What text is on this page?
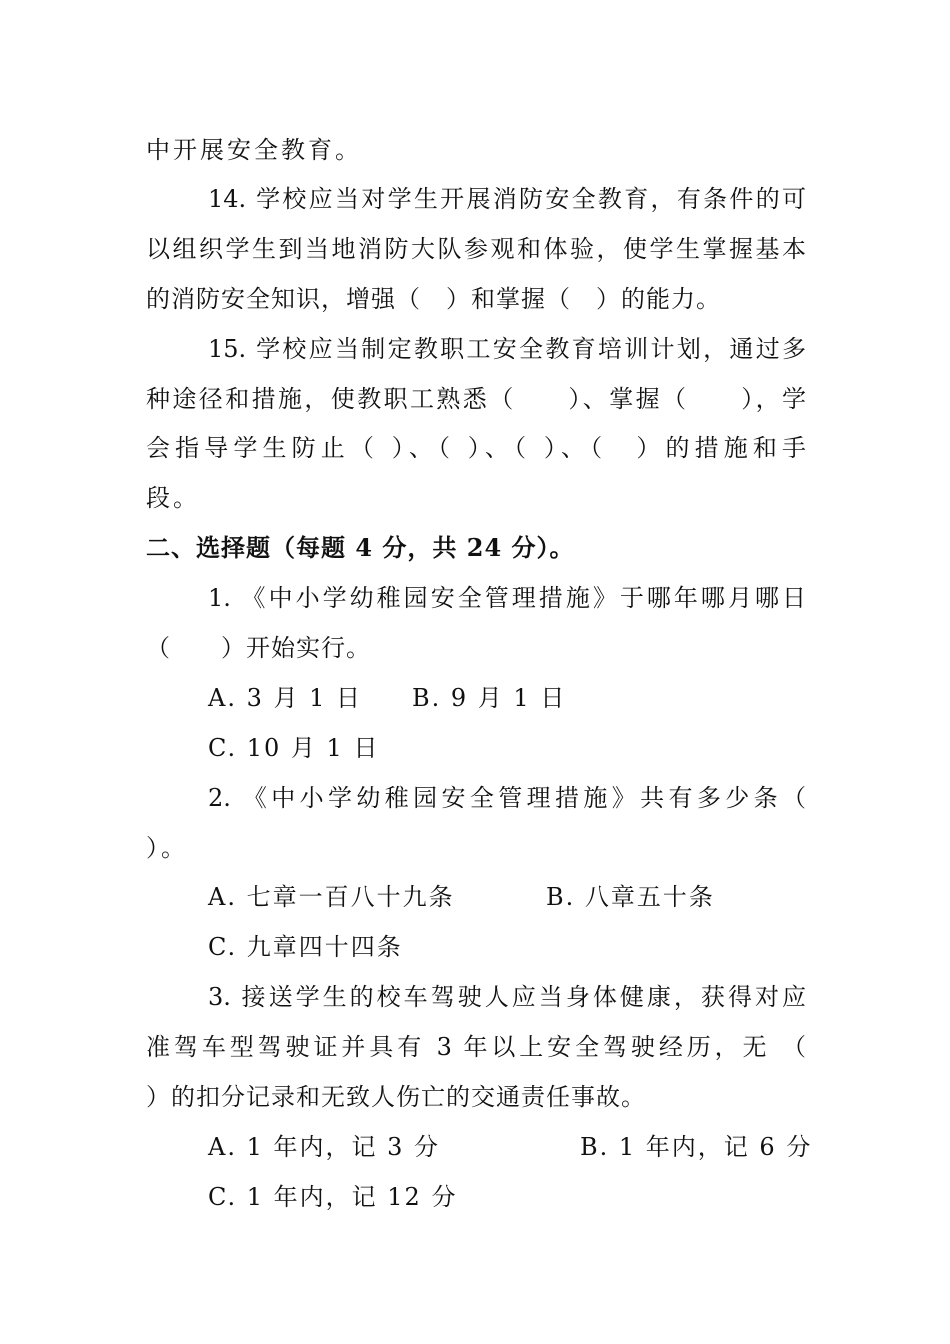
中开展安全教育。
14. 学校应当对学生开展消防安全教育，有条件的可
以组织学生到当地消防大队参观和体验，使学生掌握基本
的消防安全知识，增强（　）和掌握（　）的能力。
15. 学校应当制定教职工安全教育培训计划，通过多
种途径和措施，使教职工熟悉（　　）、掌握（　　），学
会指导学生防止（ ）、（ ）、（ ）、（　）的措施和手
段。
二、选择题（每题 4 分，共 24 分）。
1. 《中小学幼稚园安全管理措施》于哪年哪月哪日
（　　）开始实行。
A. 3 月 1 日 B. 9 月 1 日
C. 10 月 1 日
2. 《中小学幼稚园安全管理措施》共有多少条（
）。
A. 七章一百八十九条	B. 八章五十条
C. 九章四十四条
3. 接送学生的校车驾驶人应当身体健康，获得对应
准驾车型驾驶证并具有 3 年以上安全驾驶经历，无 （
）的扣分记录和无致人伤亡的交通责任事故。
A. 1 年内，记 3 分	B. 1 年内，记 6 分
C. 1 年内，记 12 分
